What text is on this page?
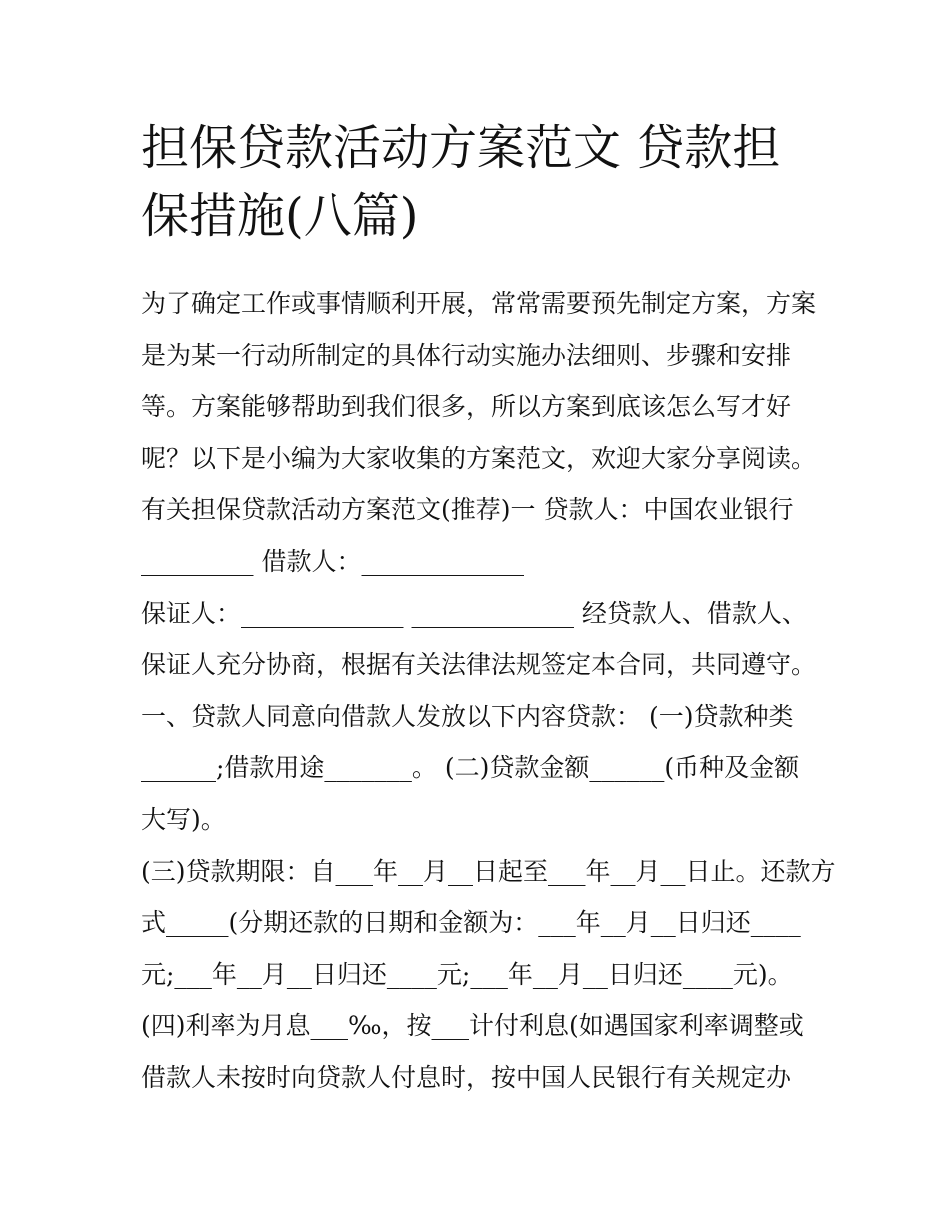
担保贷款活动方案范文 贷款担
保措施(八篇)
为了确定工作或事情顺利开展，常常需要预先制定方案，方案
是为某一行动所制定的具体行动实施办法细则、步骤和安排
等。方案能够帮助到我们很多，所以方案到底该怎么写才好
呢？以下是小编为大家收集的方案范文，欢迎大家分享阅读。
有关担保贷款活动方案范文(推荐)一 贷款人：中国农业银行
_________ 借款人：_____________
保证人：_____________ _____________ 经贷款人、借款人、
保证人充分协商，根据有关法律法规签定本合同，共同遵守。
一、贷款人同意向借款人发放以下内容贷款： (一)贷款种类
______;借款用途_______。 (二)贷款金额______(币种及金额
大写)。
(三)贷款期限：自___年__月__日起至___年__月__日止。还款方
式_____(分期还款的日期和金额为：___年__月__日归还____
元;___年__月__日归还____元;___年__月__日归还____元)。
(四)利率为月息___‰，按___计付利息(如遇国家利率调整或
借款人未按时向贷款人付息时，按中国人民银行有关规定办
